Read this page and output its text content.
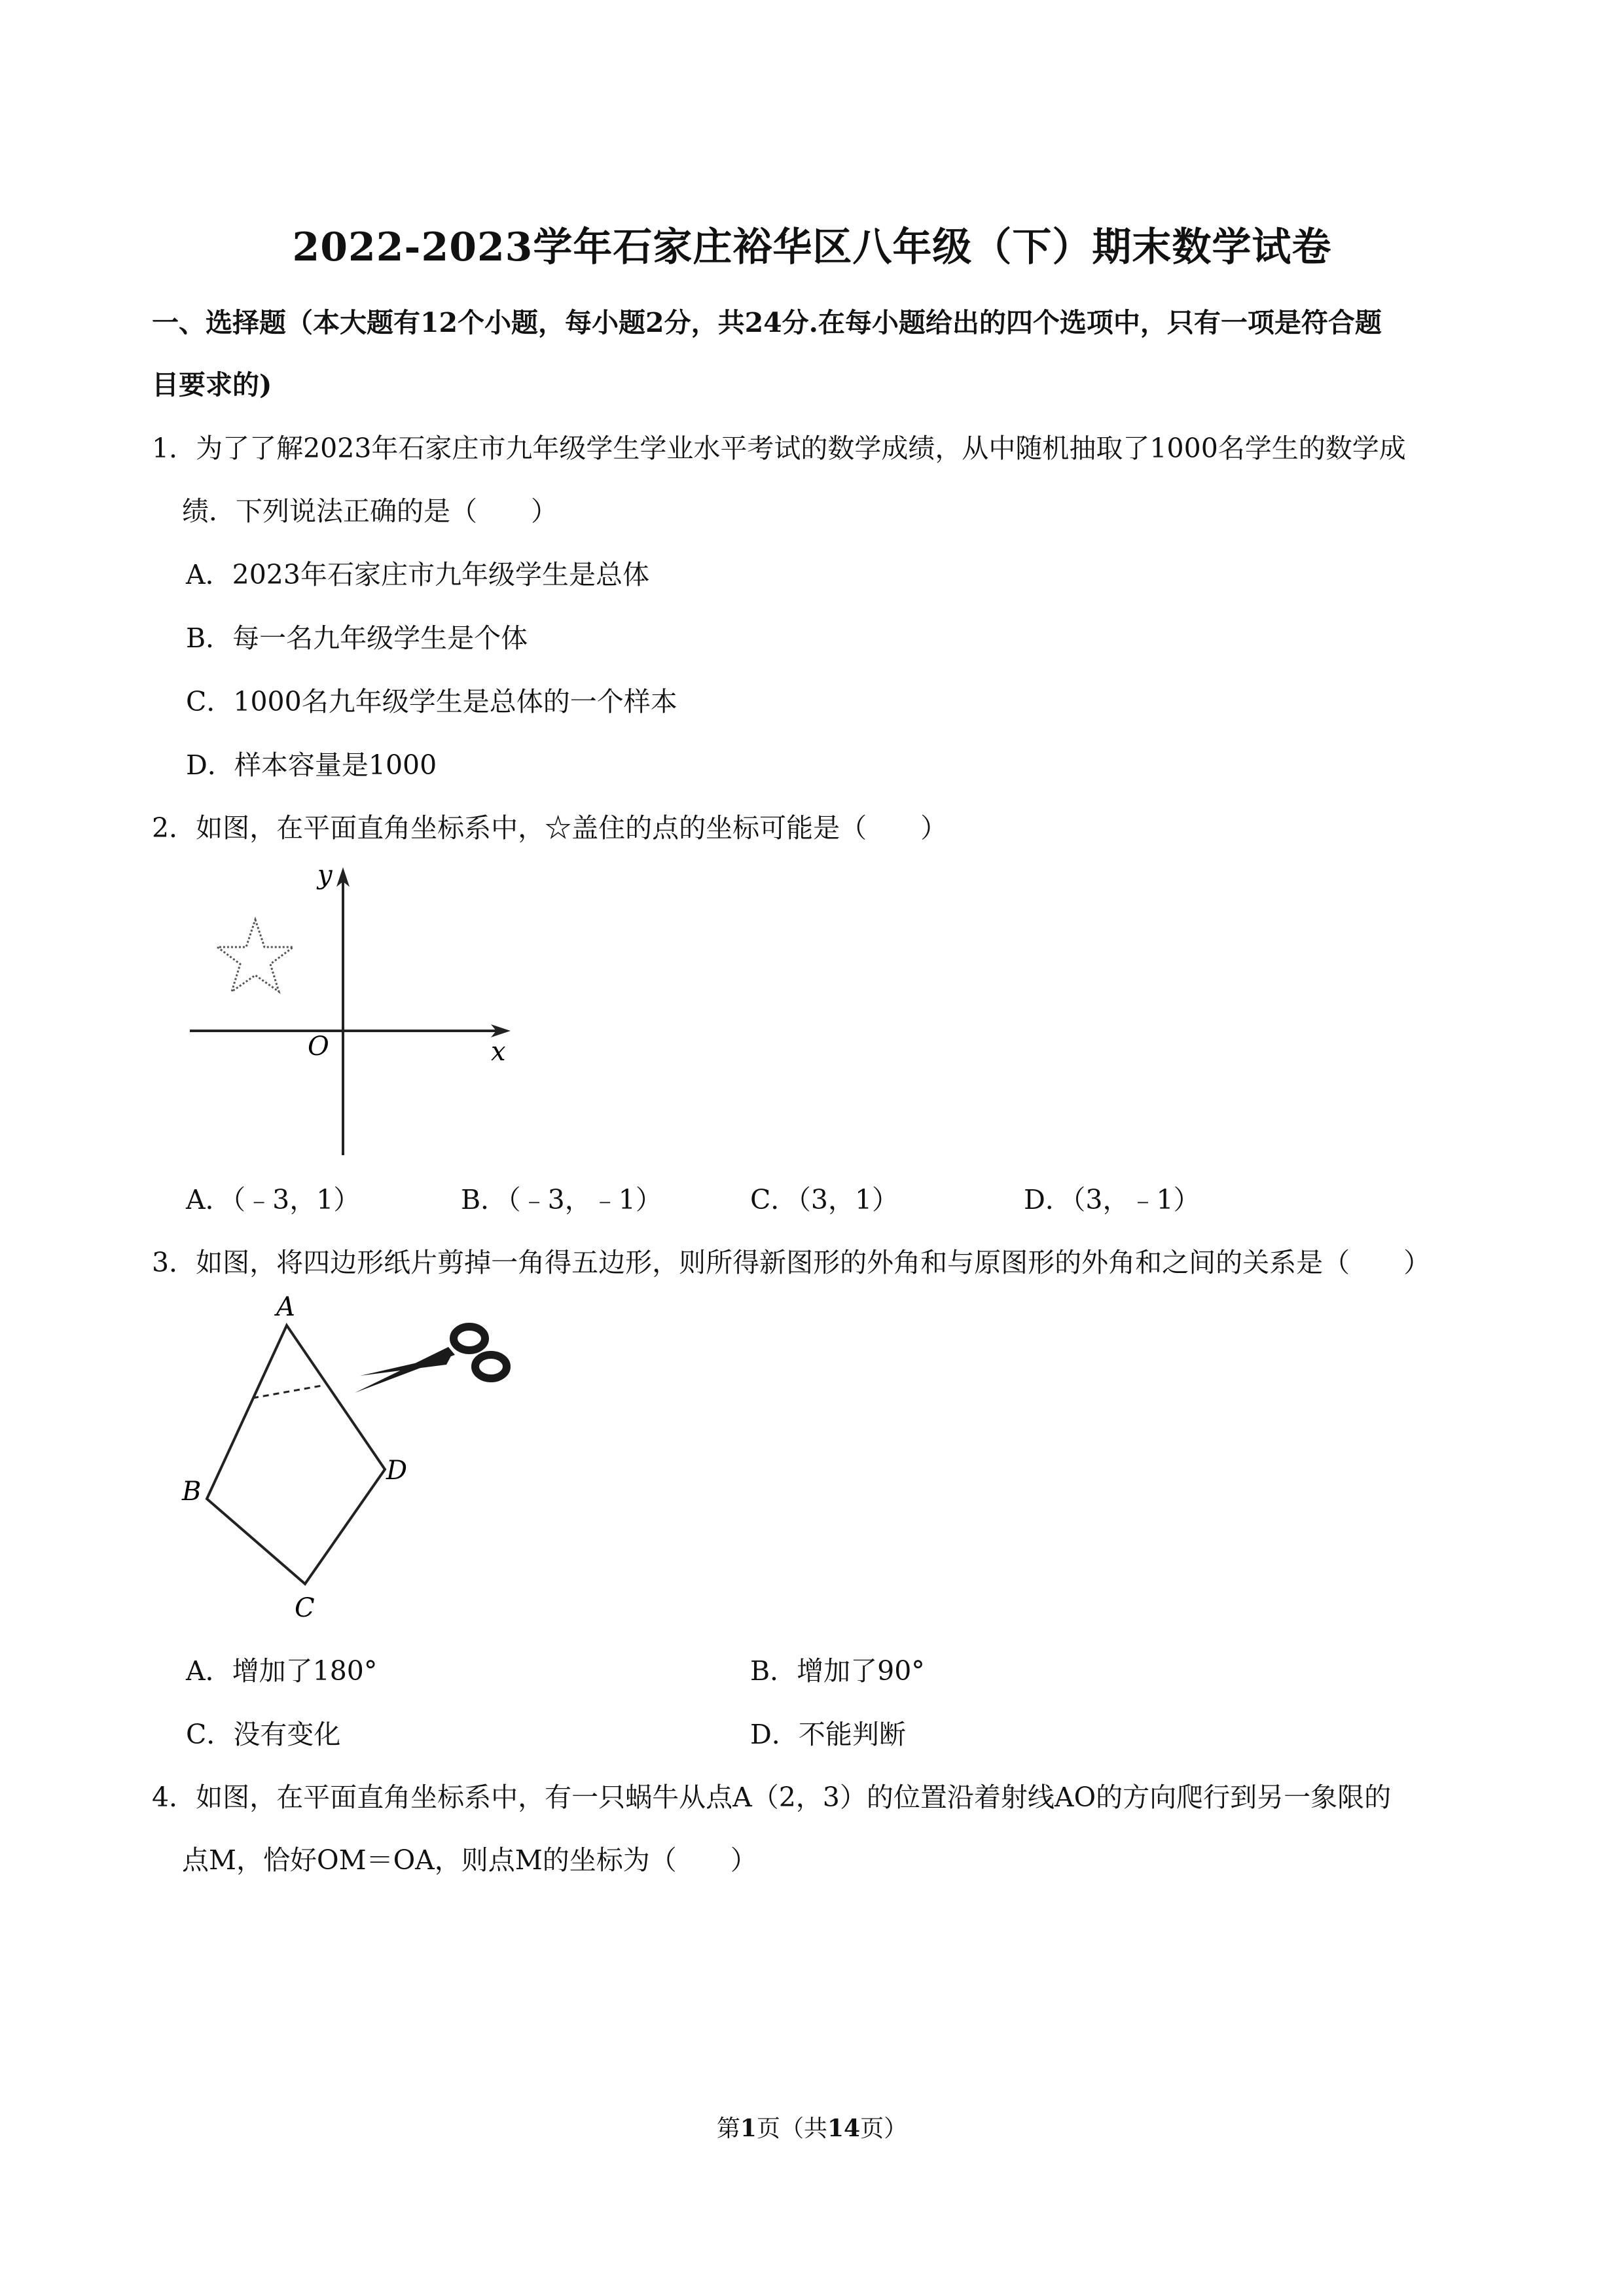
2022-2023学年石家庄裕华区八年级（下）期末数学试卷
一、选择题（本大题有12个小题，每小题2分，共24分.在每小题给出的四个选项中，只有一项是符合题
目要求的)
1．为了了解2023年石家庄市九年级学生学业水平考试的数学成绩，从中随机抽取了1000名学生的数学成
绩．下列说法正确的是（　　）
A．2023年石家庄市九年级学生是总体
B．每一名九年级学生是个体
C．1000名九年级学生是总体的一个样本
D．样本容量是1000
2．如图，在平面直角坐标系中，☆盖住的点的坐标可能是（　　）
x
y
O
A．（﹣3，1）	B．（﹣3，﹣1）	C．（3，1）	D．（3，﹣1）
3．如图，将四边形纸片剪掉一角得五边形，则所得新图形的外角和与原图形的外角和之间的关系是（　　）
A
B
C
D
A．增加了180°	B．增加了90°
C．没有变化	D．不能判断
4．如图，在平面直角坐标系中，有一只蜗牛从点A（2，3）的位置沿着射线AO的方向爬行到另一象限的
点M，恰好OM＝OA，则点M的坐标为（　　）
第1页（共14页）
